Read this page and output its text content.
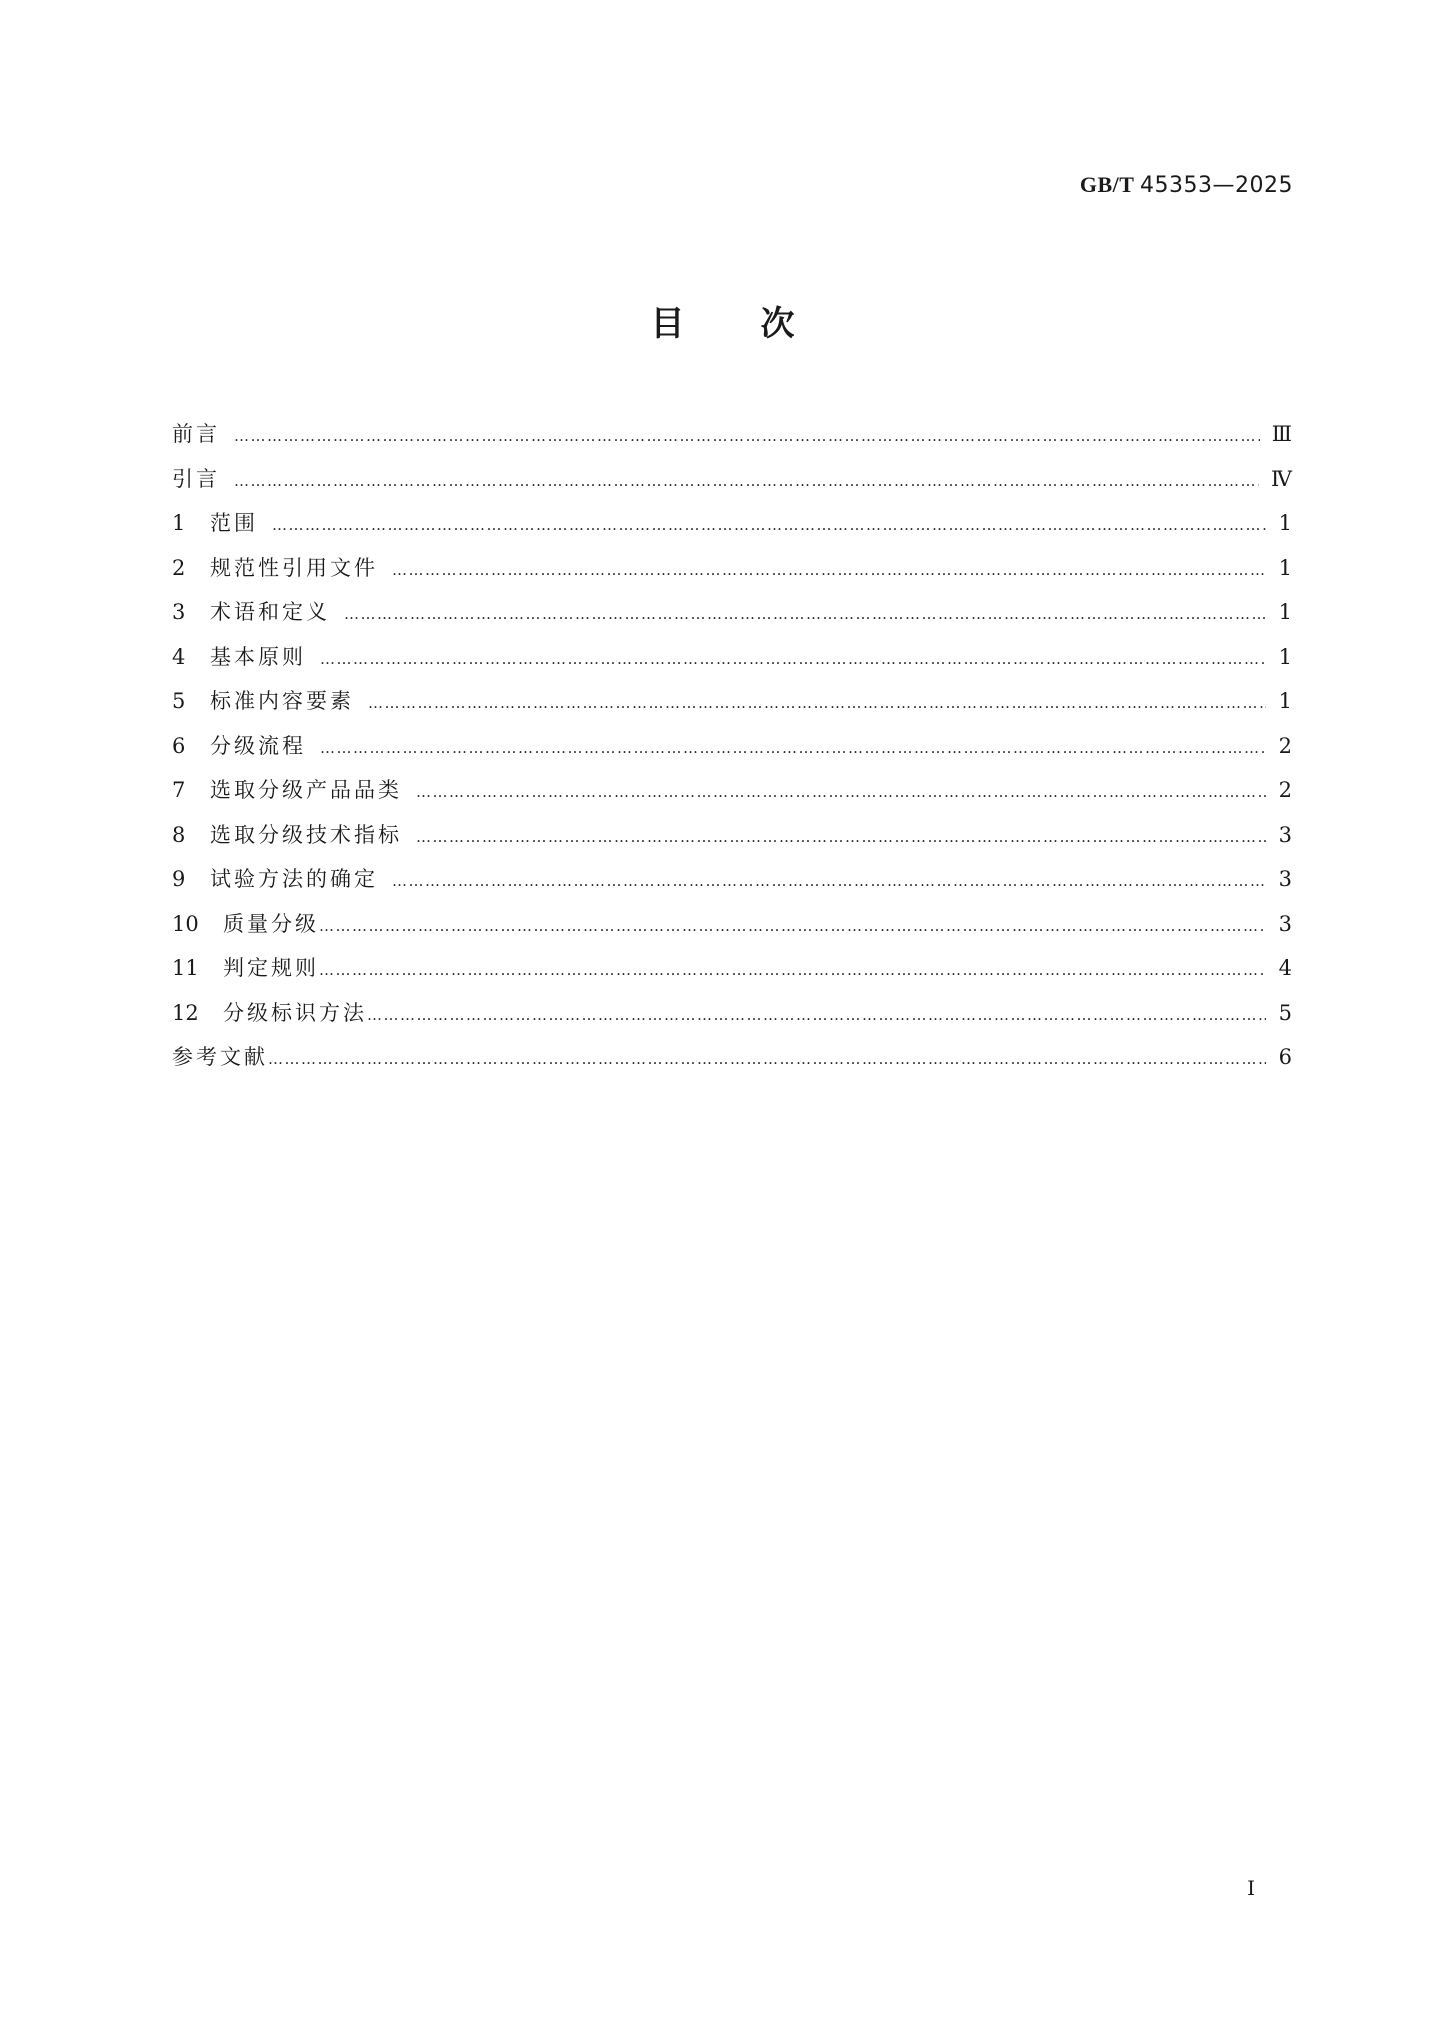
GB/T 45353—2025
目 次
前言 ……………………………………………………………………………………………………………………………………………………………………………………………………………………………………	Ⅲ
引言 ……………………………………………………………………………………………………………………………………………………………………………………………………………………………………	Ⅳ
1	范围 ……………………………………………………………………………………………………………………………………………………………………………………………………………………………………	1
2	规范性引用文件 ……………………………………………………………………………………………………………………………………………………………………………………………………………………………………	1
3	术语和定义 ……………………………………………………………………………………………………………………………………………………………………………………………………………………………………	1
4	基本原则 ……………………………………………………………………………………………………………………………………………………………………………………………………………………………………	1
5	标准内容要素 ……………………………………………………………………………………………………………………………………………………………………………………………………………………………………	1
6	分级流程 ……………………………………………………………………………………………………………………………………………………………………………………………………………………………………	2
7	选取分级产品品类 ……………………………………………………………………………………………………………………………………………………………………………………………………………………………………	2
8	选取分级技术指标 ……………………………………………………………………………………………………………………………………………………………………………………………………………………………………	3
9	试验方法的确定 ……………………………………………………………………………………………………………………………………………………………………………………………………………………………………	3
10	质量分级 ……………………………………………………………………………………………………………………………………………………………………………………………………………………………………	3
11	判定规则 ……………………………………………………………………………………………………………………………………………………………………………………………………………………………………	4
12	分级标识方法 ……………………………………………………………………………………………………………………………………………………………………………………………………………………………………	5
参考文献 ……………………………………………………………………………………………………………………………………………………………………………………………………………………………………	6
Ⅰ
